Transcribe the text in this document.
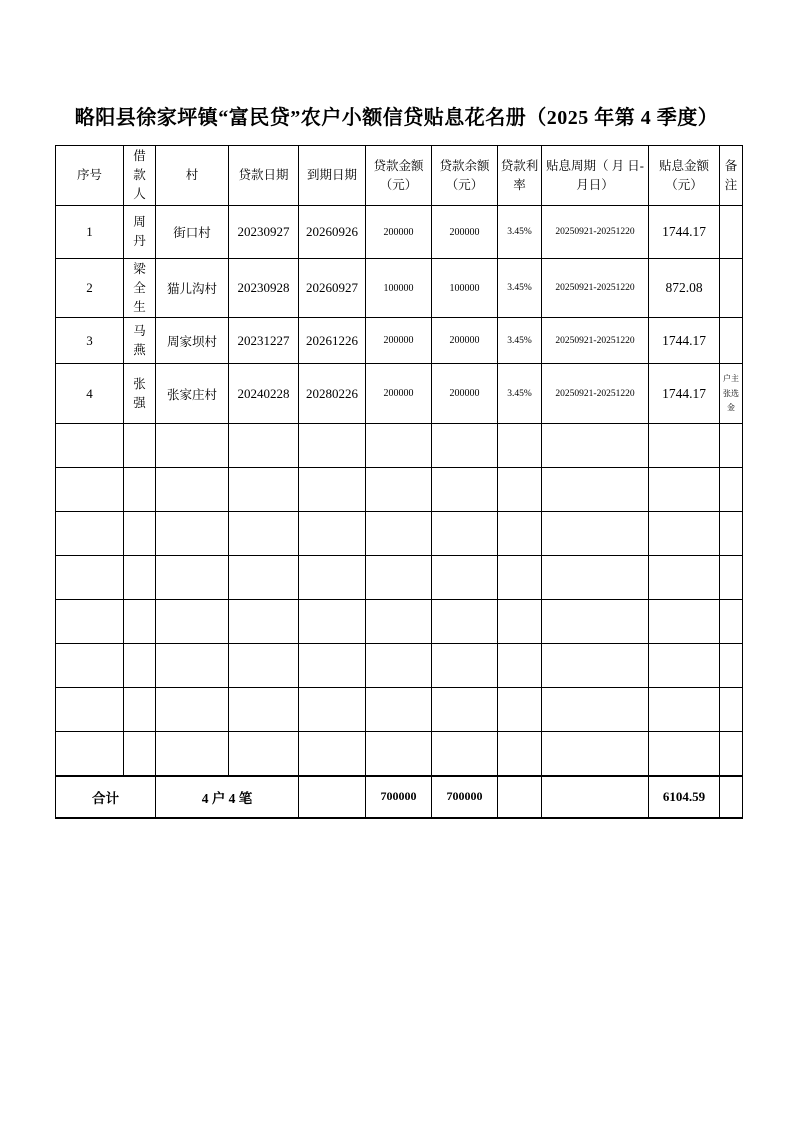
略阳县徐家坪镇“富民贷”农户小额信贷贴息花名册（2025 年第 4 季度）
序号	借款人	村	贷款日期	到期日期	贷款金额（元）	贷款余额（元）	贷款利率	贴息周期（ 月 日-月日）	贴息金额（元）	备注
1	周丹	街口村	20230927	20260926	200000	200000	3.45%	20250921-20251220	1744.17	
2	梁全生	猫儿沟村	20230928	20260927	100000	100000	3.45%	20250921-20251220	872.08	
3	马燕	周家坝村	20231227	20261226	200000	200000	3.45%	20250921-20251220	1744.17	
4	张强	张家庄村	20240228	20280226	200000	200000	3.45%	20250921-20251220	1744.17	户主张选金

合计		4 户 4 笔			700000	700000			6104.59	
